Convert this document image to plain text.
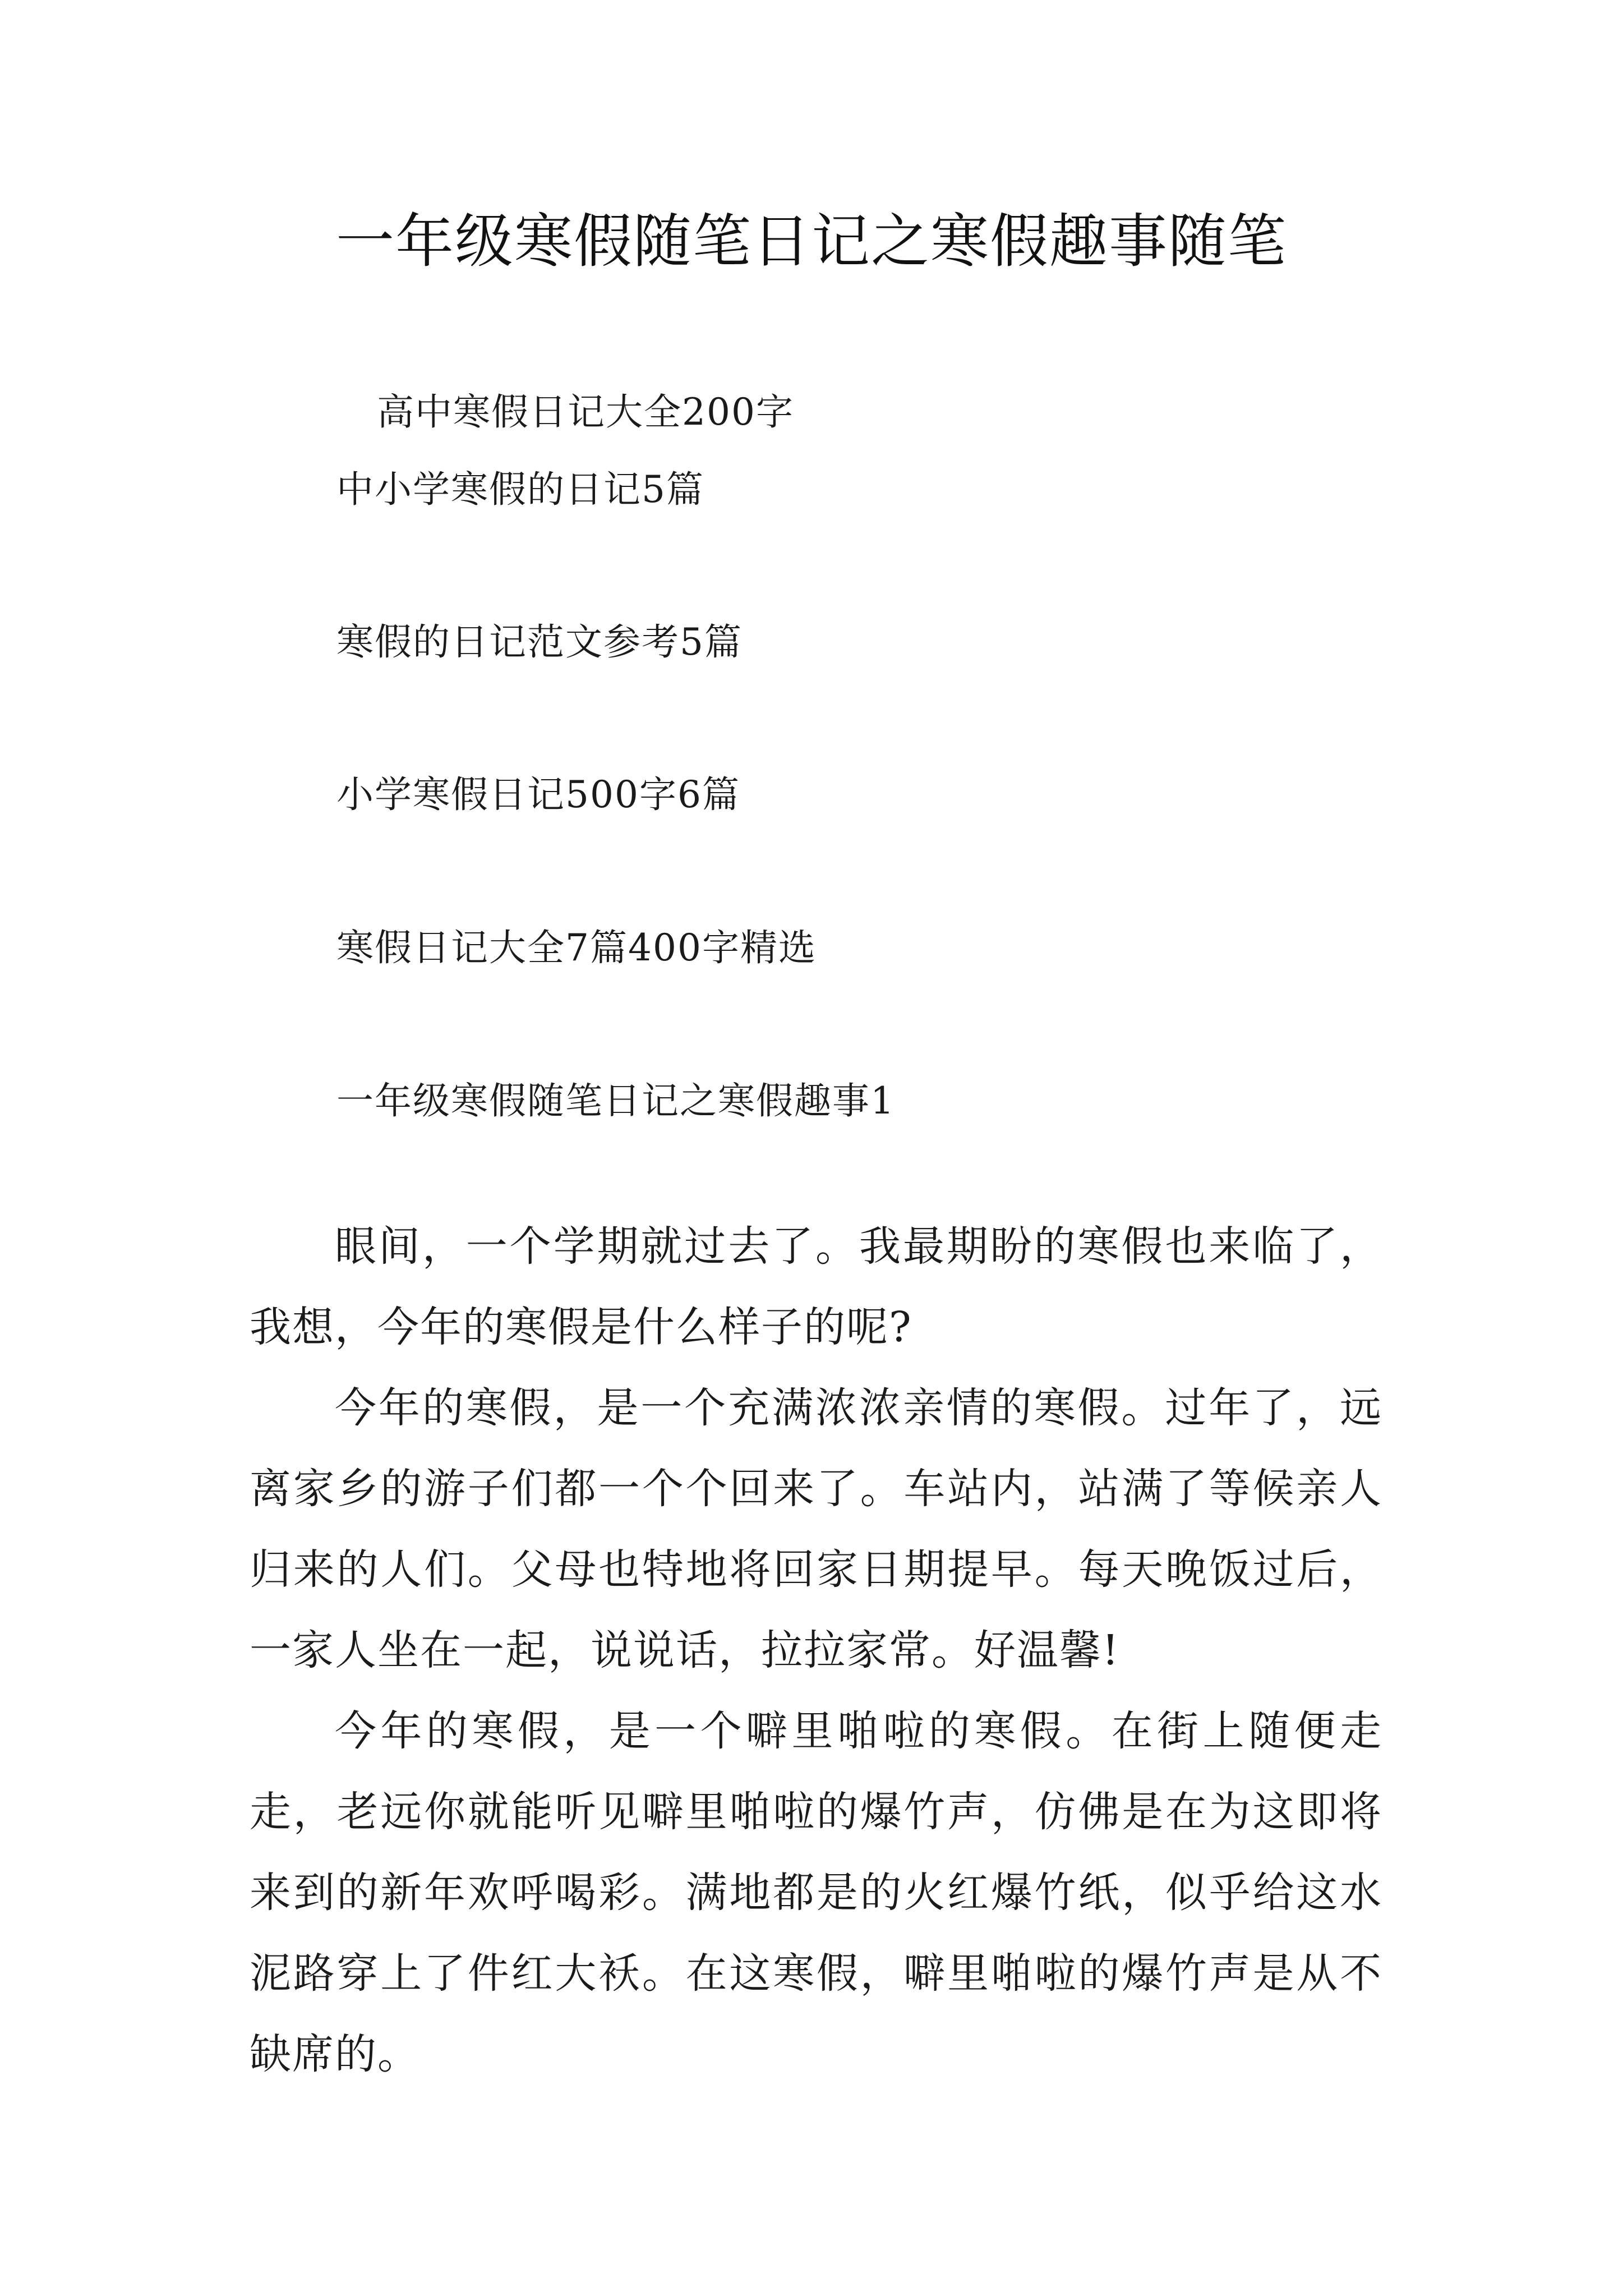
一年级寒假随笔日记之寒假趣事随笔
高中寒假日记大全200字
中小学寒假的日记5篇
寒假的日记范文参考5篇
小学寒假日记500字6篇
寒假日记大全7篇400字精选
一年级寒假随笔日记之寒假趣事1

眼间，一个学期就过去了。我最期盼的寒假也来临了，我想，今年的寒假是什么样子的呢?

今年的寒假，是一个充满浓浓亲情的寒假。过年了，远离家乡的游子们都一个个回来了。车站内，站满了等候亲人归来的人们。父母也特地将回家日期提早。每天晚饭过后，一家人坐在一起，说说话，拉拉家常。好温馨!

今年的寒假，是一个噼里啪啦的寒假。在街上随便走走，老远你就能听见噼里啪啦的爆竹声，仿佛是在为这即将来到的新年欢呼喝彩。满地都是的火红爆竹纸，似乎给这水泥路穿上了件红大袄。在这寒假，噼里啪啦的爆竹声是从不缺席的。
